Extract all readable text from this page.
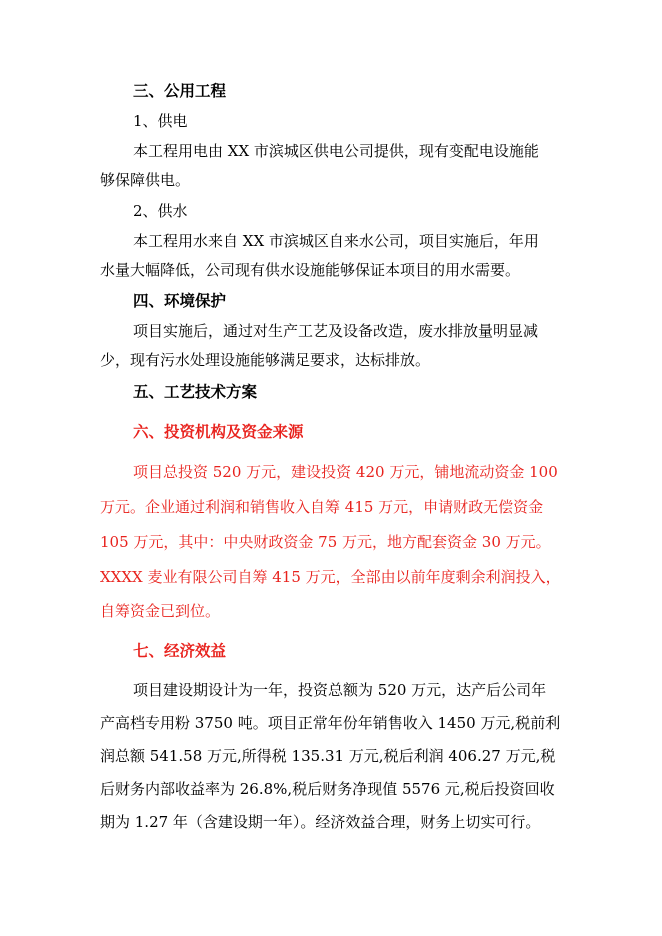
三、公用工程
1、供电
本工程用电由 XX 市滨城区供电公司提供，现有变配电设施能
够保障供电。
2、供水
本工程用水来自 XX 市滨城区自来水公司，项目实施后，年用
水量大幅降低，公司现有供水设施能够保证本项目的用水需要。
四、环境保护
项目实施后，通过对生产工艺及设备改造，废水排放量明显减
少，现有污水处理设施能够满足要求，达标排放。
五、工艺技术方案
六、投资机构及资金来源
项目总投资 520 万元，建设投资 420 万元，铺地流动资金 100
万元。企业通过利润和销售收入自筹 415 万元，申请财政无偿资金
105 万元，其中：中央财政资金 75 万元，地方配套资金 30 万元。
XXXX 麦业有限公司自筹 415 万元，全部由以前年度剩余利润投入，
自筹资金已到位。
七、经济效益
项目建设期设计为一年，投资总额为 520 万元，达产后公司年
产高档专用粉 3750 吨。项目正常年份年销售收入 1450 万元,税前利
润总额 541.58 万元,所得税 135.31 万元,税后利润 406.27 万元,税
后财务内部收益率为 26.8%,税后财务净现值 5576 元,税后投资回收
期为 1.27 年（含建设期一年）。经济效益合理，财务上切实可行。
